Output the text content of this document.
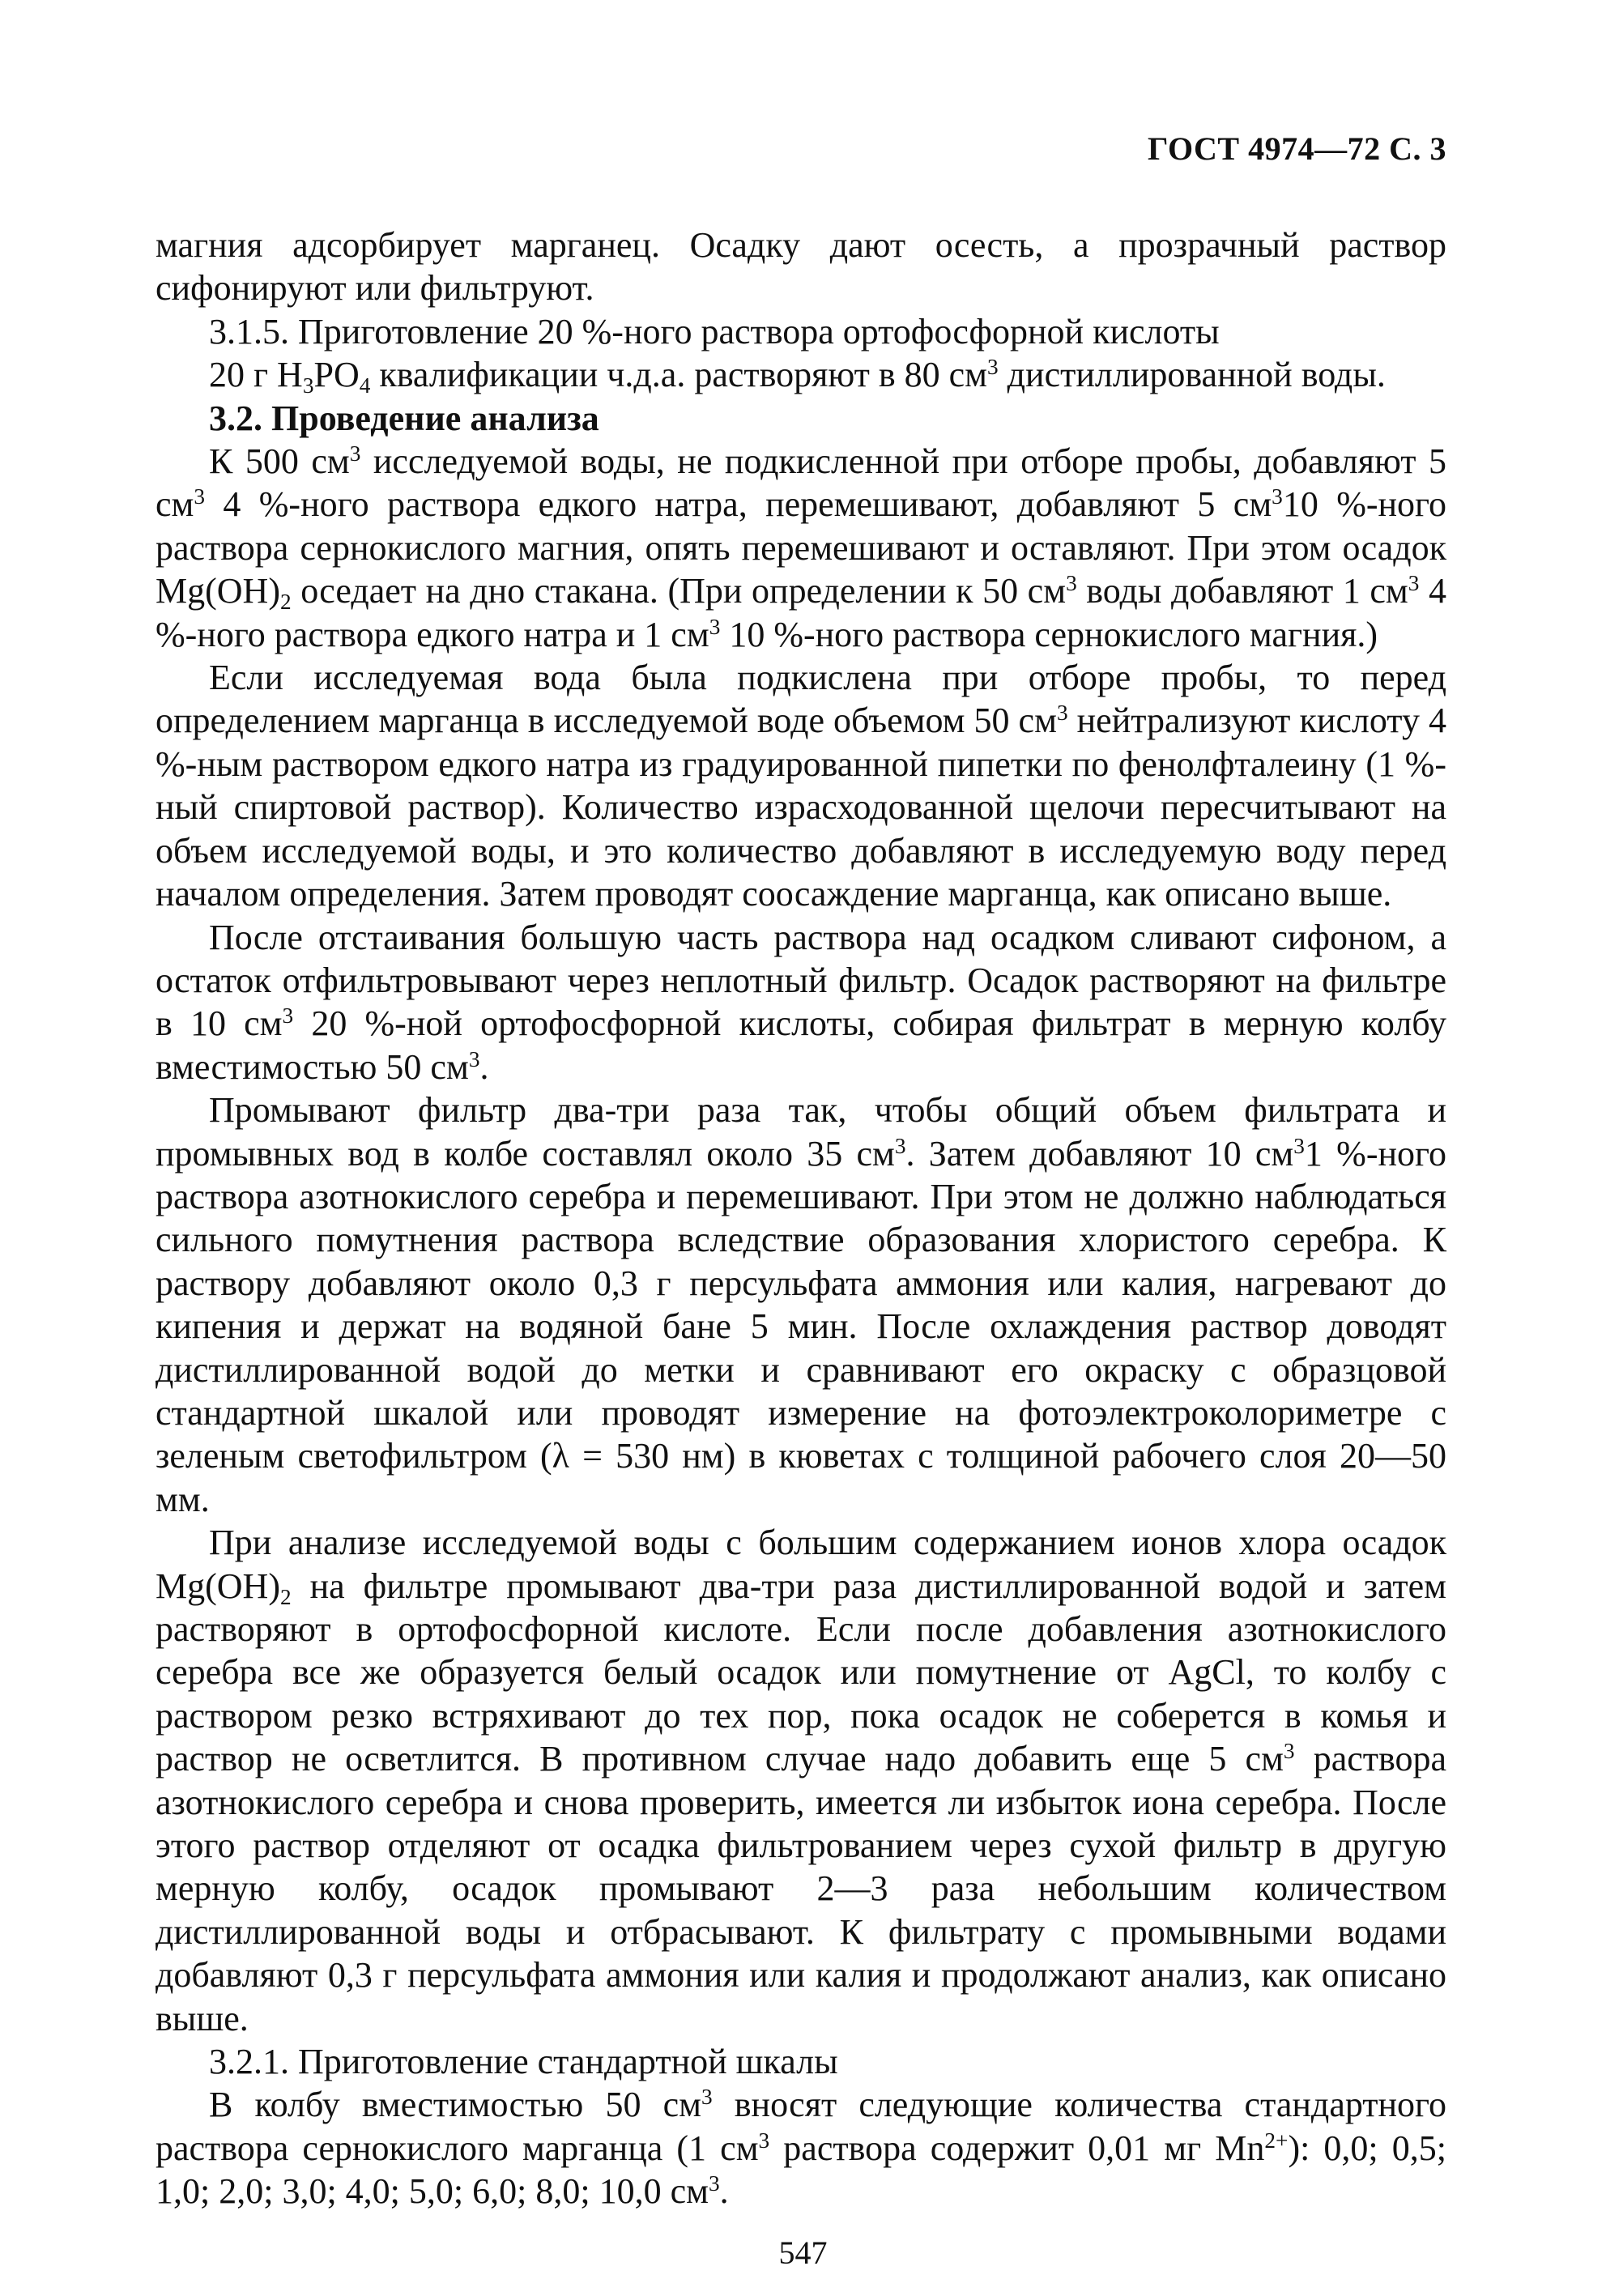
ГОСТ 4974—72 С. 3

магния адсорбирует марганец. Осадку дают осесть, а прозрачный раствор сифонируют или фильтруют.

3.1.5. Приготовление 20 %-ного раствора ортофосфорной кислоты

20 г $H_3PO_4$ квалификации ч.д.а. растворяют в 80 $см^3$ дистиллированной воды.

3.2. Проведение анализа

К 500 $см^3$ исследуемой воды, не подкисленной при отборе пробы, добавляют 5 $см^3$ 4 %-ного раствора едкого натра, перемешивают, добавляют 5 $см^310$ %-ного раствора сернокислого магния, опять перемешивают и оставляют. При этом осадок $Mg(OH)_2$ оседает на дно стакана. (При определении к 50 $см^3$ воды добавляют 1 $см^3$ 4 %-ного раствора едкого натра и 1 $см^3$ 10 %-ного раствора сернокислого магния.)

Если исследуемая вода была подкислена при отборе пробы, то перед определением марганца в исследуемой воде объемом 50 $см^3$ нейтрализуют кислоту 4 %-ным раствором едкого натра из градуированной пипетки по фенолфталеину (1 %-ный спиртовой раствор). Количество израсходованной щелочи пересчитывают на объем исследуемой воды, и это количество добавляют в исследуемую воду перед началом определения. Затем проводят соосаждение марганца, как описано выше.

После отстаивания большую часть раствора над осадком сливают сифоном, а остаток отфильтровывают через неплотный фильтр. Осадок растворяют на фильтре в 10 $см^3$ 20 %-ной ортофосфорной кислоты, собирая фильтрат в мерную колбу вместимостью 50 $см^3$.

Промывают фильтр два-три раза так, чтобы общий объем фильтрата и промывных вод в колбе составлял около 35 $см^3$. Затем добавляют 10 $см^31$ %-ного раствора азотнокислого серебра и перемешивают. При этом не должно наблюдаться сильного помутнения раствора вследствие образования хлористого серебра. К раствору добавляют около 0,3 г персульфата аммония или калия, нагревают до кипения и держат на водяной бане 5 мин. После охлаждения раствор доводят дистиллированной водой до метки и сравнивают его окраску с образцовой стандартной шкалой или проводят измерение на фотоэлектроколориметре с зеленым светофильтром (λ = 530 нм) в кюветах с толщиной рабочего слоя 20—50 мм.

При анализе исследуемой воды с большим содержанием ионов хлора осадок $Mg(OH)_2$ на фильтре промывают два-три раза дистиллированной водой и затем растворяют в ортофосфорной кислоте. Если после добавления азотнокислого серебра все же образуется белый осадок или помутнение от AgCl, то колбу с раствором резко встряхивают до тех пор, пока осадок не соберется в комья и раствор не осветлится. В противном случае надо добавить еще 5 $см^3$ раствора азотнокислого серебра и снова проверить, имеется ли избыток иона серебра. После этого раствор отделяют от осадка фильтрованием через сухой фильтр в другую мерную колбу, осадок промывают 2—3 раза небольшим количеством дистиллированной воды и отбрасывают. К фильтрату с промывными водами добавляют 0,3 г персульфата аммония или калия и продолжают анализ, как описано выше.

3.2.1. Приготовление стандартной шкалы

В колбу вместимостью 50 $см^3$ вносят следующие количества стандартного раствора сернокислого марганца (1 $см^3$ раствора содержит 0,01 мг $Mn^{2+}$): 0,0; 0,5; 1,0; 2,0; 3,0; 4,0; 5,0; 6,0; 8,0; 10,0 $см^3$.

547
